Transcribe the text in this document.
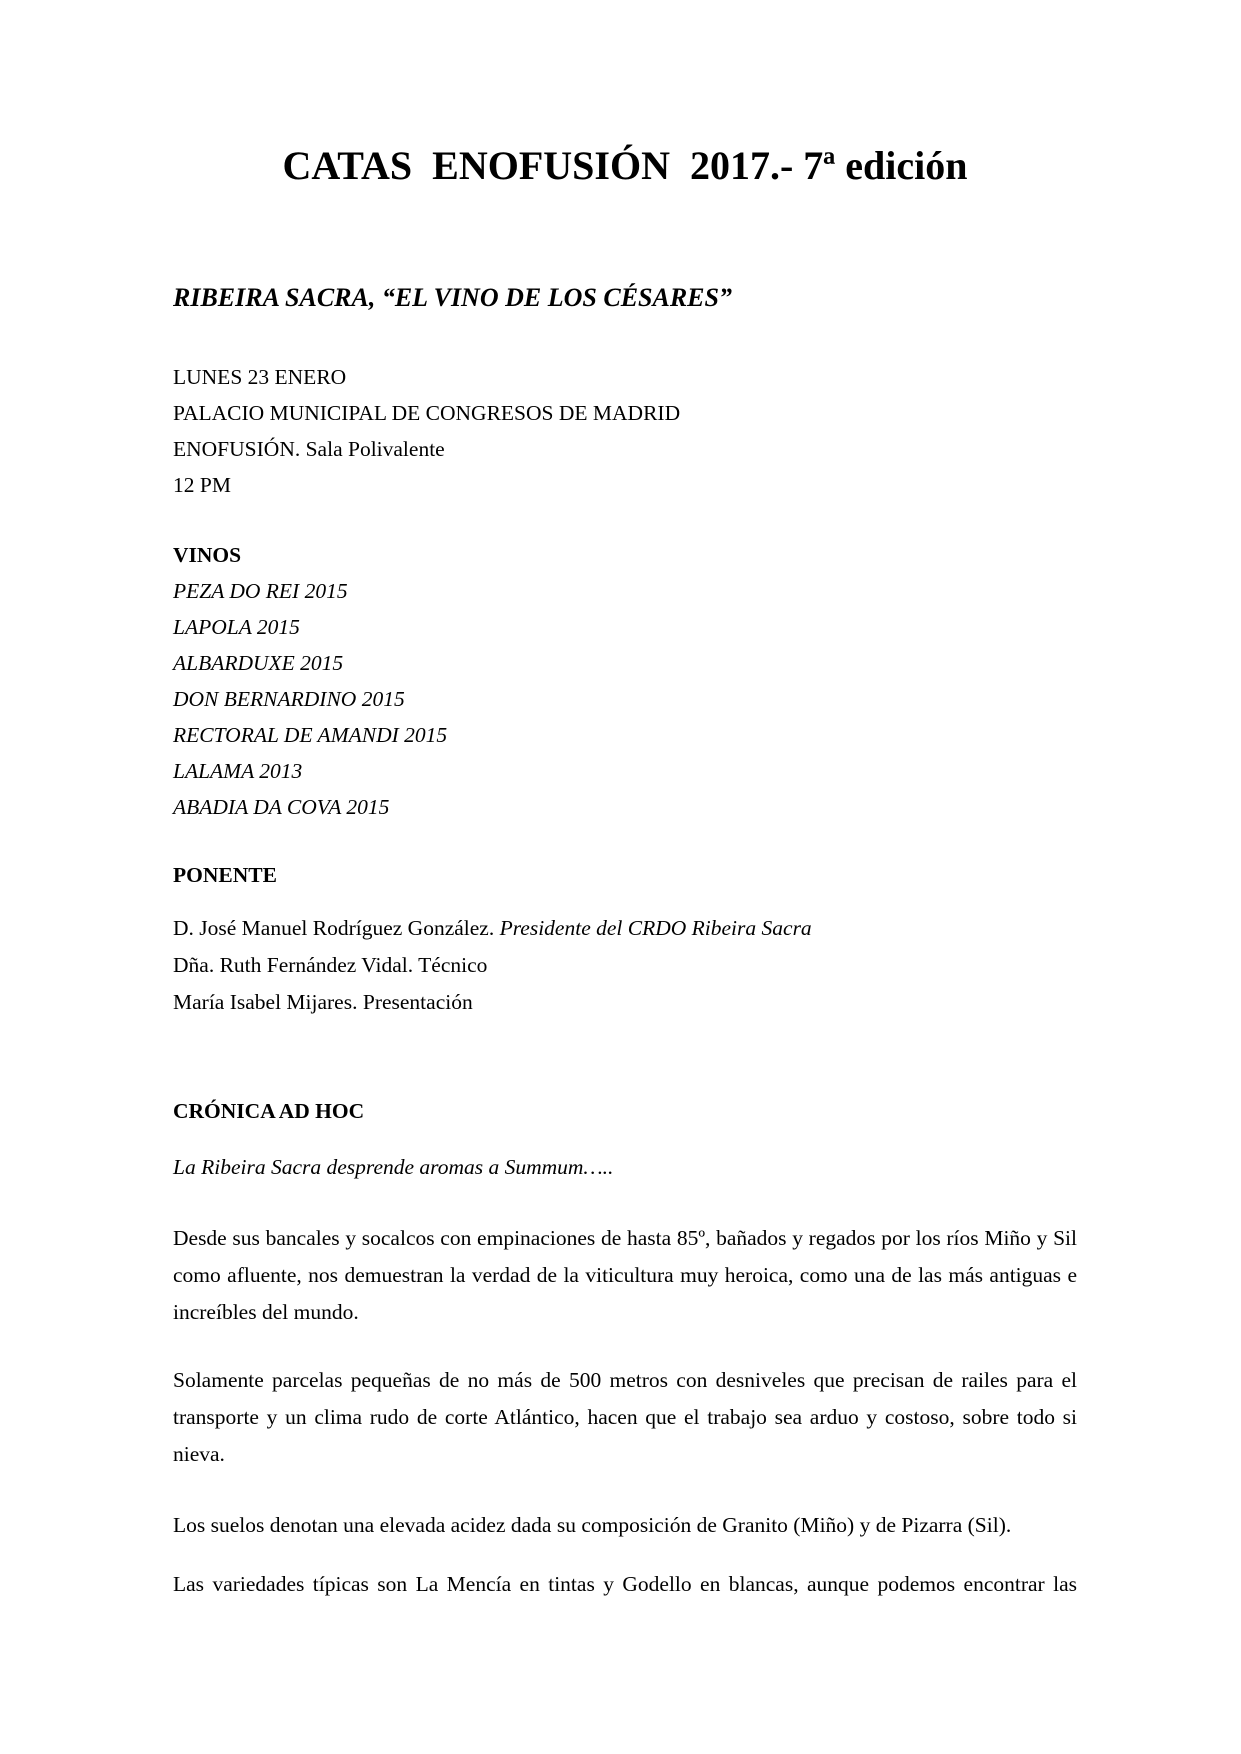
CATAS  ENOFUSIÓN  2017.- 7ª edición
RIBEIRA SACRA, “EL VINO DE LOS CÉSARES”
LUNES 23 ENERO
PALACIO MUNICIPAL DE CONGRESOS DE MADRID
ENOFUSIÓN. Sala Polivalente
12 PM
VINOS
PEZA DO REI 2015
LAPOLA 2015
ALBARDUXE 2015
DON BERNARDINO 2015
RECTORAL DE AMANDI 2015
LALAMA 2013
ABADIA DA COVA 2015
PONENTE
D. José Manuel Rodríguez González. Presidente del CRDO Ribeira Sacra
Dña. Ruth Fernández Vidal. Técnico
María Isabel Mijares. Presentación
CRÓNICA AD HOC
La Ribeira Sacra desprende aromas a Summum…..

Desde sus bancales y socalcos con empinaciones de hasta 85º, bañados y regados por los ríos Miño y Sil como afluente, nos demuestran la verdad de la viticultura muy heroica, como una de las más antiguas e increíbles del mundo.

Solamente parcelas pequeñas de no más de 500 metros con desniveles que precisan de railes para el transporte y un clima rudo de corte Atlántico, hacen que el trabajo sea arduo y costoso, sobre todo si nieva.

Los suelos denotan una elevada acidez dada su composición de Granito (Miño) y de Pizarra (Sil).

Las variedades típicas son La Mencía en tintas y Godello en blancas, aunque podemos encontrar las
